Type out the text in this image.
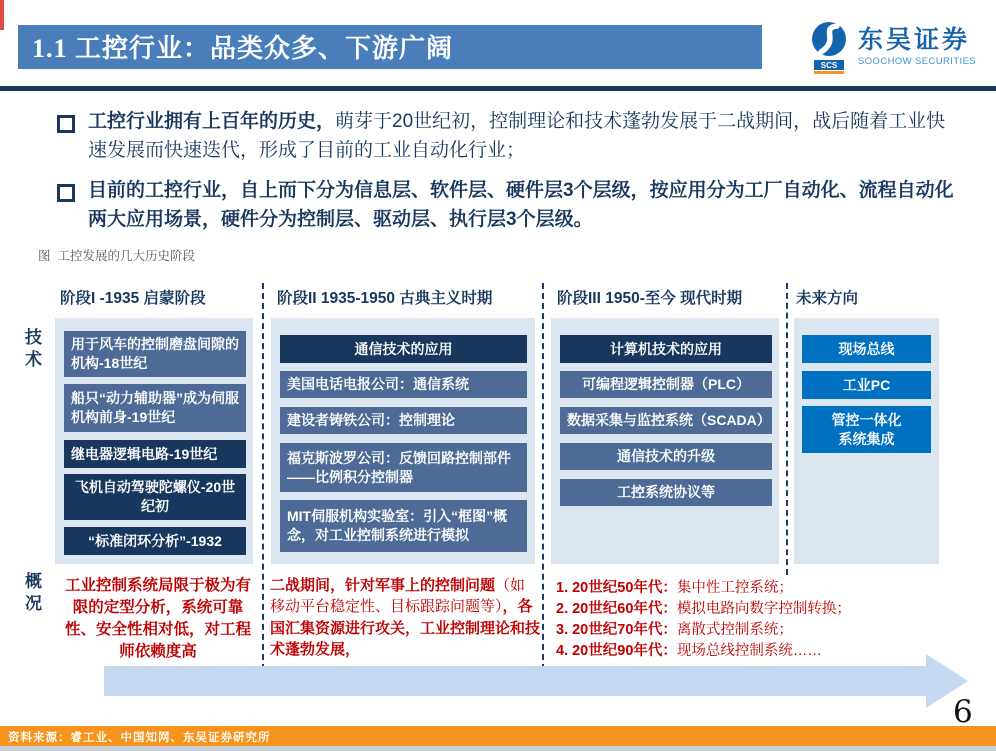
1.1 工控行业：品类众多、下游广阔
SCS
东吴证券
SOOCHOW SECURITIES

工控行业拥有上百年的历史，萌芽于20世纪初，控制理论和技术蓬勃发展于二战期间，战后随着工业快速发展而快速迭代，形成了目前的工业自动化行业；

目前的工控行业，自上而下分为信息层、软件层、硬件层3个层级，按应用分为工厂自动化、流程自动化两大应用场景，硬件分为控制层、驱动层、执行层3个层级。

图  工控发展的几大历史阶段
阶段I -1935 启蒙阶段	阶段II 1935-1950 古典主义时期	阶段III 1950-至今 现代时期	未来方向
技术
概况
用于风车的控制磨盘间隙的机构-18世纪
船只“动力辅助器”成为伺服机构前身-19世纪
继电器逻辑电路-19世纪
飞机自动驾驶陀螺仪-20世纪初
“标准闭环分析”-1932
通信技术的应用
美国电话电报公司：通信系统
建设者铸铁公司：控制理论
福克斯波罗公司：反馈回路控制部件——比例积分控制器
MIT伺服机构实验室：引入“框图”概念，对工业控制系统进行模拟
计算机技术的应用
可编程逻辑控制器（PLC）
数据采集与监控系统（SCADA）
通信技术的升级
工控系统协议等
现场总线
工业PC
管控一体化
系统集成

工业控制系统局限于极为有限的定型分析，系统可靠性、安全性相对低，对工程师依赖度高

二战期间，针对军事上的控制问题（如移动平台稳定性、目标跟踪问题等），各国汇集资源进行攻关，工业控制理论和技术蓬勃发展，

1. 20世纪50年代：集中性工控系统；
2. 20世纪60年代：模拟电路向数字控制转换；
3. 20世纪70年代：离散式控制系统；
4. 20世纪90年代：现场总线控制系统……
资料来源：睿工业、中国知网、东吴证券研究所
6
